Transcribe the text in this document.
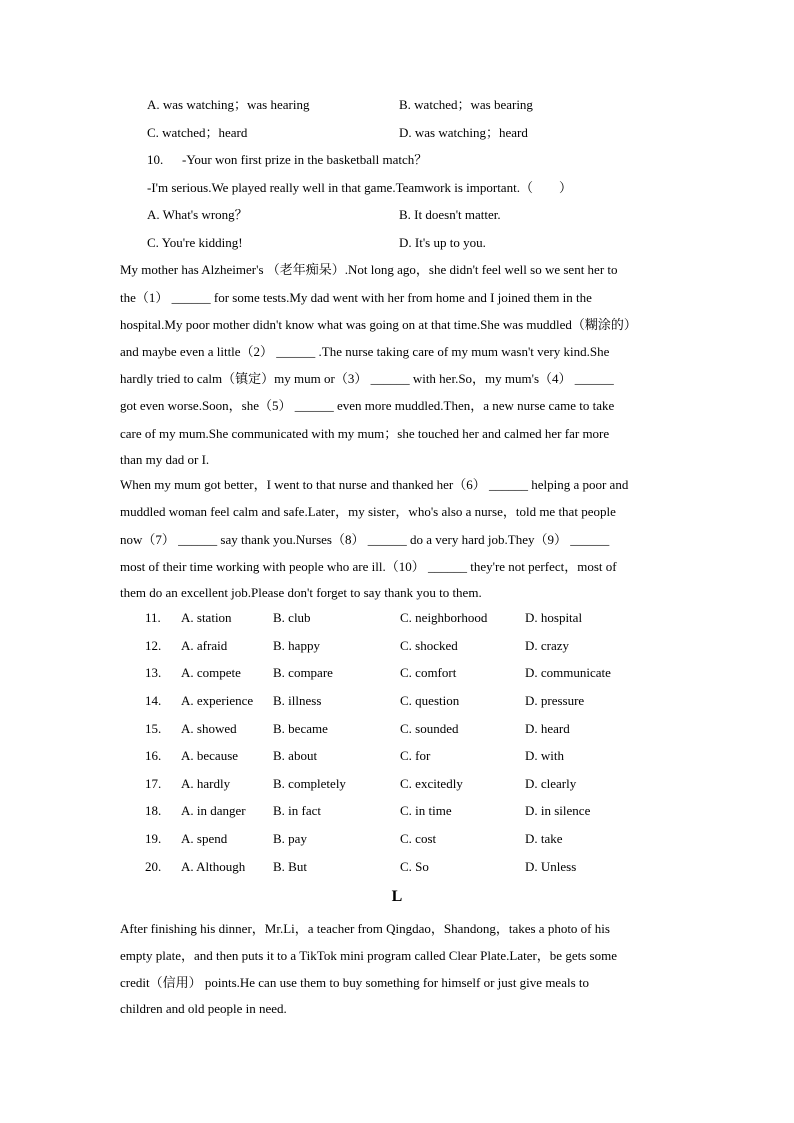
A. was watching；was hearing	B. watched；was bearing
C. watched；heard	D. was watching；heard
10. -Your won first prize in the basketball match？
-I'm serious.We played really well in that game.Teamwork is important.（　　）
A. What's wrong？	B. It doesn't matter.
C. You're kidding!	D. It's up to you.
My mother has Alzheimer's （老年痴呆）.Not long ago，she didn't feel well so we sent her to
the（1） ______ for some tests.My dad went with her from home and I joined them in the
hospital.My poor mother didn't know what was going on at that time.She was muddled（糊涂的）
and maybe even a little（2） ______ .The nurse taking care of my mum wasn't very kind.She
hardly tried to calm（镇定）my mum or（3） ______ with her.So，my mum's（4） ______
got even worse.Soon，she（5） ______ even more muddled.Then，a new nurse came to take
care of my mum.She communicated with my mum；she touched her and calmed her far more
than my dad or I.
When my mum got better，I went to that nurse and thanked her（6） ______ helping a poor and
muddled woman feel calm and safe.Later，my sister，who's also a nurse，told me that people
now（7） ______ say thank you.Nurses（8） ______ do a very hard job.They（9） ______
most of their time working with people who are ill.（10） ______ they're not perfect，most of
them do an excellent job.Please don't forget to say thank you to them.
11. A. station	B. club	C. neighborhood	D. hospital
12. A. afraid	B. happy	C. shocked	D. crazy
13. A. compete B. compare	C. comfort	D. communicate
14. A. experience B. illness	C. question	D. pressure
15. A. showed	B. became	C. sounded	D. heard
16. A. because	B. about	C. for	D. with
17. A. hardly	B. completely	C. excitedly	D. clearly
18. A. in danger B. in fact	C. in time	D. in silence
19. A. spend	B. pay	C. cost	D. take
20. A. Although B. But	C. So	D. Unless
L
After finishing his dinner，Mr.Li，a teacher from Qingdao，Shandong，takes a photo of his
empty plate，and then puts it to a TikTok mini program called Clear Plate.Later，be gets some
credit（信用） points.He can use them to buy something for himself or just give meals to
children and old people in need.
